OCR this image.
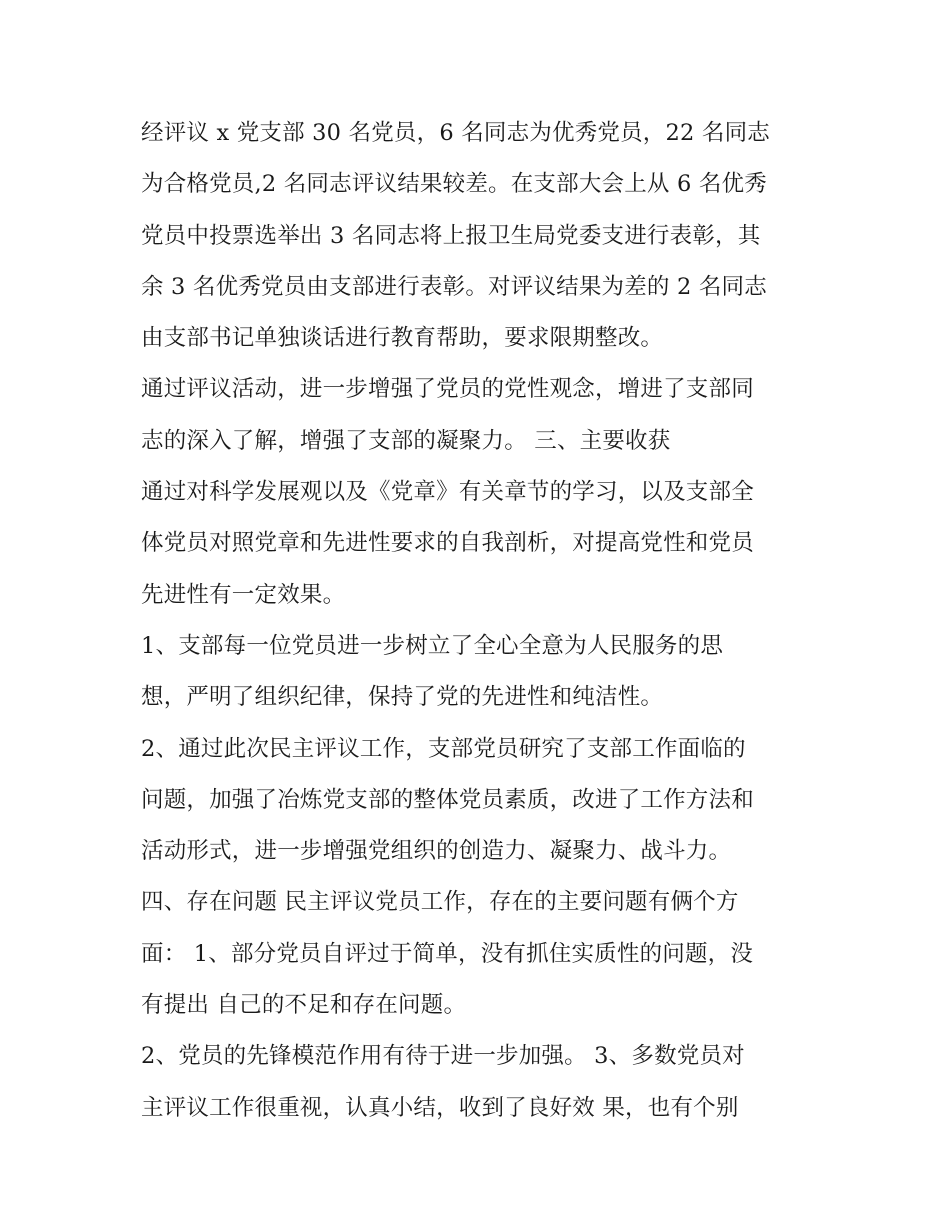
经评议 x 党支部 30 名党员，6 名同志为优秀党员，22 名同志
为合格党员,2 名同志评议结果较差。在支部大会上从 6 名优秀
党员中投票选举出 3 名同志将上报卫生局党委支进行表彰，其
余 3 名优秀党员由支部进行表彰。对评议结果为差的 2 名同志
由支部书记单独谈话进行教育帮助，要求限期整改。
通过评议活动，进一步增强了党员的党性观念，增进了支部同
志的深入了解，增强了支部的凝聚力。 三、主要收获
通过对科学发展观以及《党章》有关章节的学习，以及支部全
体党员对照党章和先进性要求的自我剖析，对提高党性和党员
先进性有一定效果。
1、支部每一位党员进一步树立了全心全意为人民服务的思
想，严明了组织纪律，保持了党的先进性和纯洁性。
2、通过此次民主评议工作，支部党员研究了支部工作面临的
问题，加强了冶炼党支部的整体党员素质，改进了工作方法和
活动形式，进一步增强党组织的创造力、凝聚力、战斗力。
四、存在问题 民主评议党员工作，存在的主要问题有俩个方
面： 1、部分党员自评过于简单，没有抓住实质性的问题，没
有提出 自己的不足和存在问题。
2、党员的先锋模范作用有待于进一步加强。 3、多数党员对
主评议工作很重视，认真小结，收到了良好效 果，也有个别
